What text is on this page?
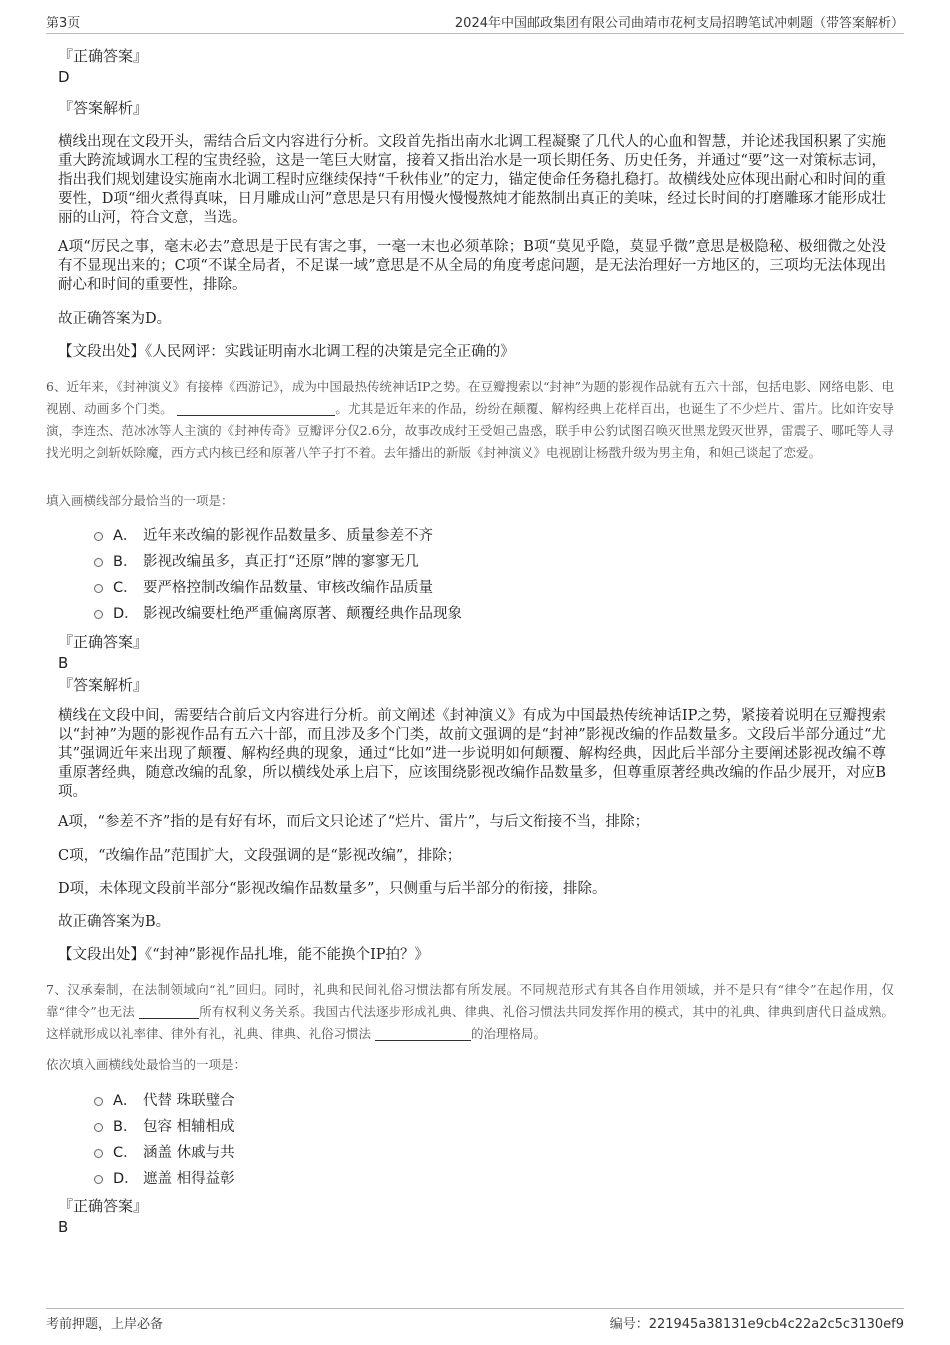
第3页	2024年中国邮政集团有限公司曲靖市花柯支局招聘笔试冲刺题（带答案解析）

『正确答案』

D

『答案解析』

横线出现在文段开头，需结合后文内容进行分析。文段首先指出南水北调工程凝聚了几代人的心血和智慧，并论述我国积累了实施重大跨流域调水工程的宝贵经验，这是一笔巨大财富，接着又指出治水是一项长期任务、历史任务，并通过“要”这一对策标志词，指出我们规划建设实施南水北调工程时应继续保持“千秋伟业”的定力，锚定使命任务稳扎稳打。故横线处应体现出耐心和时间的重要性，D项“细火煮得真味，日月雕成山河”意思是只有用慢火慢慢熬炖才能熬制出真正的美味，经过长时间的打磨雕琢才能形成壮丽的山河，符合文意，当选。

A项“厉民之事，毫末必去”意思是于民有害之事，一毫一末也必须革除；B项“莫见乎隐，莫显乎微”意思是极隐秘、极细微之处没有不显现出来的；C项“不谋全局者，不足谋一域”意思是不从全局的角度考虑问题，是无法治理好一方地区的，三项均无法体现出耐心和时间的重要性，排除。

故正确答案为D。

【文段出处】《人民网评：实践证明南水北调工程的决策是完全正确的》

6、近年来，《封神演义》有接棒《西游记》，成为中国最热传统神话IP之势。在豆瓣搜索以“封神”为题的影视作品就有五六十部，包括电影、网络电影、电视剧、动画多个门类。	。尤其是近年来的作品，纷纷在颠覆、解构经典上花样百出，也诞生了不少烂片、雷片。比如许安导演，李连杰、范冰冰等人主演的《封神传奇》豆瓣评分仅2.6分，故事改成纣王受妲己蛊惑，联手申公豹试图召唤灭世黑龙毁灭世界，雷震子、哪吒等人寻找光明之剑斩妖除魔，西方式内核已经和原著八竿子打不着。去年播出的新版《封神演义》电视剧让杨戬升级为男主角，和妲己谈起了恋爱。

填入画横线部分最恰当的一项是：

A． 近年来改编的影视作品数量多、质量参差不齐
B． 影视改编虽多，真正打“还原”牌的寥寥无几
C． 要严格控制改编作品数量、审核改编作品质量
D． 影视改编要杜绝严重偏离原著、颠覆经典作品现象

『正确答案』

B

『答案解析』

横线在文段中间，需要结合前后文内容进行分析。前文阐述《封神演义》有成为中国最热传统神话IP之势，紧接着说明在豆瓣搜索以“封神”为题的影视作品有五六十部，而且涉及多个门类，故前文强调的是“封神”影视改编的作品数量多。文段后半部分通过“尤其”强调近年来出现了颠覆、解构经典的现象，通过“比如”进一步说明如何颠覆、解构经典，因此后半部分主要阐述影视改编不尊重原著经典，随意改编的乱象，所以横线处承上启下，应该围绕影视改编作品数量多，但尊重原著经典改编的作品少展开，对应B项。

A项，“参差不齐”指的是有好有坏，而后文只论述了“烂片、雷片”，与后文衔接不当，排除；

C项，“改编作品”范围扩大，文段强调的是“影视改编”，排除；

D项，未体现文段前半部分“影视改编作品数量多”，只侧重与后半部分的衔接，排除。

故正确答案为B。

【文段出处】《“封神”影视作品扎堆，能不能换个IP拍？》

7、汉承秦制，在法制领域向“礼”回归。同时，礼典和民间礼俗习惯法都有所发展。不同规范形式有其各自作用领域，并不是只有“律令”在起作用，仅靠“律令”也无法	所有权利义务关系。我国古代法逐步形成礼典、律典、礼俗习惯法共同发挥作用的模式，其中的礼典、律典到唐代日益成熟。这样就形成以礼率律、律外有礼，礼典、律典、礼俗习惯法	的治理格局。

依次填入画横线处最恰当的一项是：

A． 代替 珠联璧合
B． 包容 相辅相成
C． 涵盖 休戚与共
D． 遮盖 相得益彰

『正确答案』

B

考前押题，上岸必备	编号：221945a38131e9cb4c22a2c5c3130ef9
